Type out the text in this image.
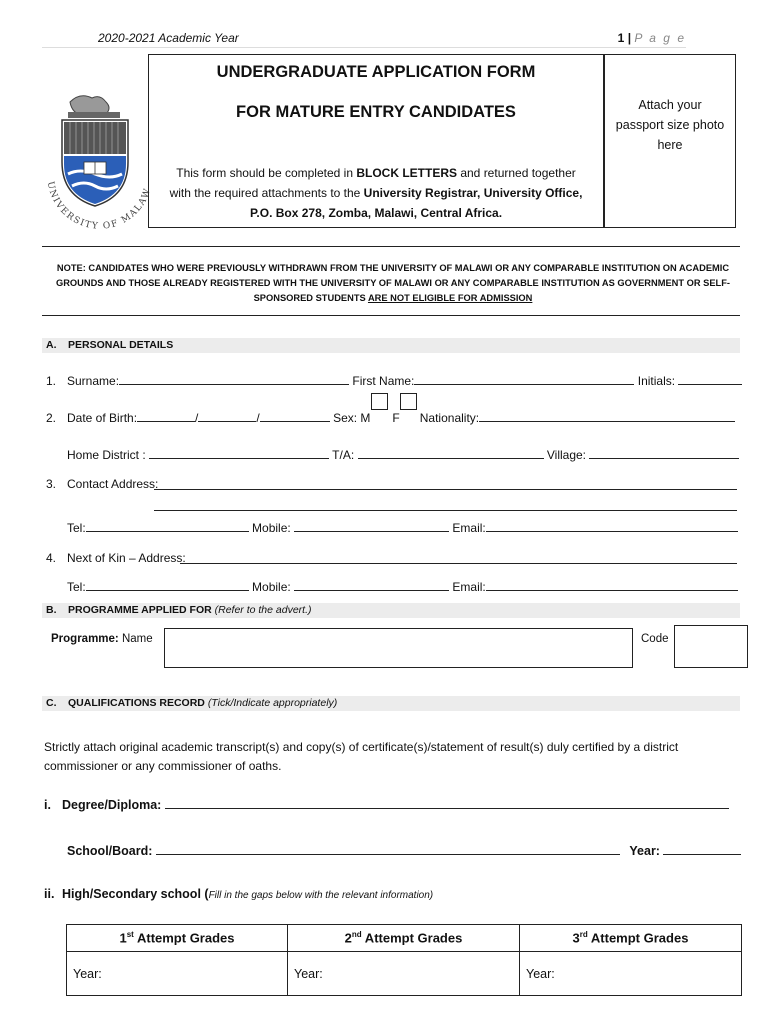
2020-2021 Academic Year	1 | P a g e
UNIVERSITY OF MALA
UNDERGRADUATE APPLICATION FORM
FOR MATURE ENTRY CANDIDATES
This form should be completed in BLOCK LETTERS and returned together
with the required attachments to the University Registrar, University Office,
P.O. Box 278, Zomba, Malawi, Central Africa.
Attach your
passport size photo
here
NOTE: CANDIDATES WHO WERE PREVIOUSLY WITHDRAWN FROM THE UNIVERSITY OF MALAWI OR ANY COMPARABLE INSTITUTION ON ACADEMIC GROUNDS AND THOSE ALREADY REGISTERED WITH THE UNIVERSITY OF MALAWI OR ANY COMPARABLE INSTITUTION AS GOVERNMENT OR SELF-SPONSORED STUDENTS ARE NOT ELIGIBLE FOR ADMISSION
A. PERSONAL DETAILS
1. Surname:	First Name:	Initials:
2. Date of Birth:	/	/	Sex: M F Nationality:
Home District :	T/A:	Village:
3. Contact Address:
Tel:	Mobile:	Email:
4. Next of Kin – Address:
Tel:	Mobile:	Email:
B. PROGRAMME APPLIED FOR (Refer to the advert.)
Programme: Name	Code
C. QUALIFICATIONS RECORD (Tick/Indicate appropriately)
Strictly attach original academic transcript(s) and copy(s) of certificate(s)/statement of result(s) duly certified by a district commissioner or any commissioner of oaths.
i. Degree/Diploma:
School/Board:	Year:
ii. High/Secondary school (Fill in the gaps below with the relevant information)
1st Attempt Grades	2nd Attempt Grades	3rd Attempt Grades
Year:	Year:	Year:
